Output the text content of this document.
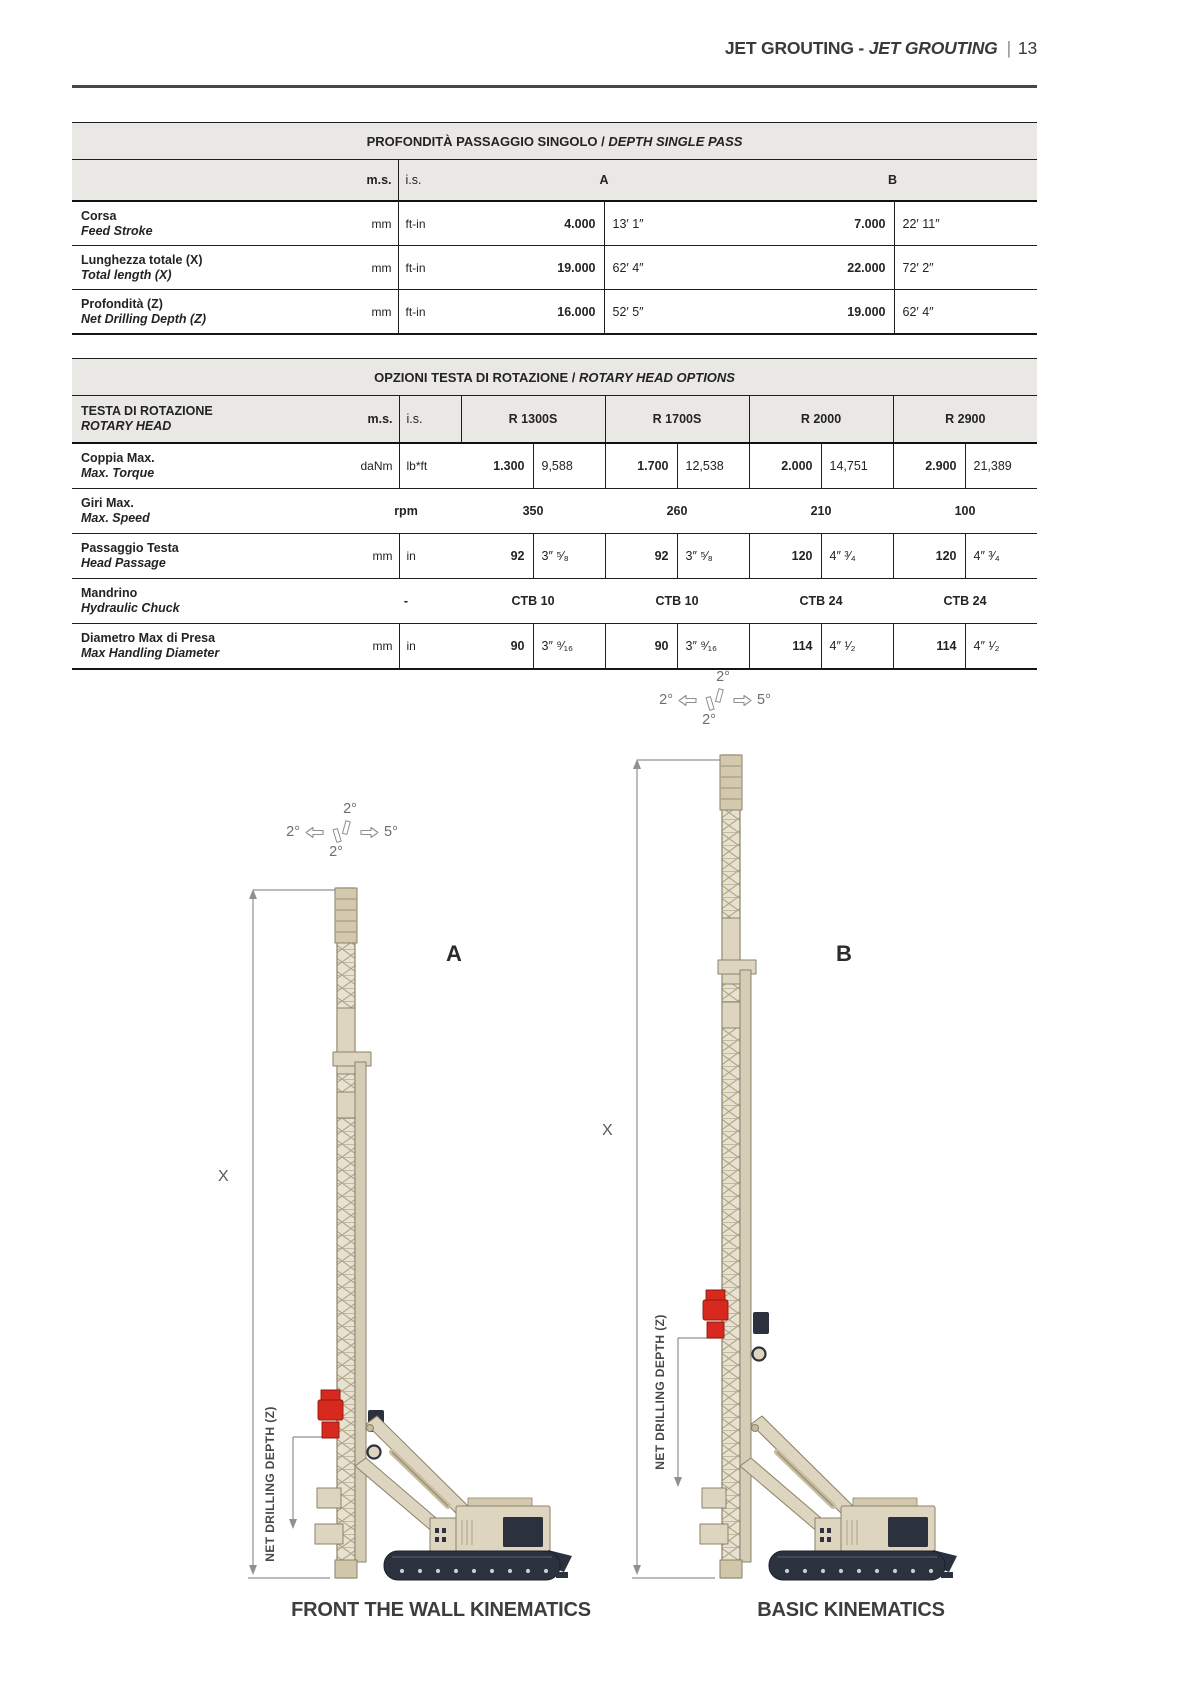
JET GROUTING - JET GROUTING | 13
PROFONDITÀ PASSAGGIO SINGOLO / DEPTH SINGLE PASS						
	m.s.	i.s.	A		B	

Corsa
Feed Stroke	mm	ft-in	4.000	13′ 1″	7.000	22′ 11″

Lunghezza totale (X)
Total length (X)	mm	ft-in	19.000	62′ 4″	22.000	72′ 2″

Profondità (Z)
Net Drilling Depth (Z)	mm	ft-in	16.000	52′ 5″	19.000	62′ 4″
OPZIONI TESTA DI ROTAZIONE / ROTARY HEAD OPTIONS										

TESTA DI ROTAZIONE
ROTARY HEAD	m.s.	i.s.	R 1300S		R 1700S		R 2000		R 2900	

Coppia Max.
Max. Torque	daNm	lb*ft	1.300	9,588	1.700	12,538	2.000	14,751	2.900	21,389

Giri Max.
Max. Speed	rpm		350		260		210		100	

Passaggio Testa
Head Passage	mm	in	92	3″ ⁵⁄₈	92	3″ ⁵⁄₈	120	4″ ³⁄₄	120	4″ ³⁄₄

Mandrino
Hydraulic Chuck	-		CTB 10		CTB 10		CTB 24		CTB 24	

Diametro Max di Presa
Max Handling Diameter	mm	in	90	3″ ⁹⁄₁₆	90	3″ ⁹⁄₁₆	114	4″ ¹⁄₂	114	4″ ¹⁄₂
2°
2°	5°
2°
2°
2°	5°
2°
A	B
X
X
NET DRILLING DEPTH (Z)
NET DRILLING DEPTH (Z)
FRONT THE WALL KINEMATICS	BASIC KINEMATICS
